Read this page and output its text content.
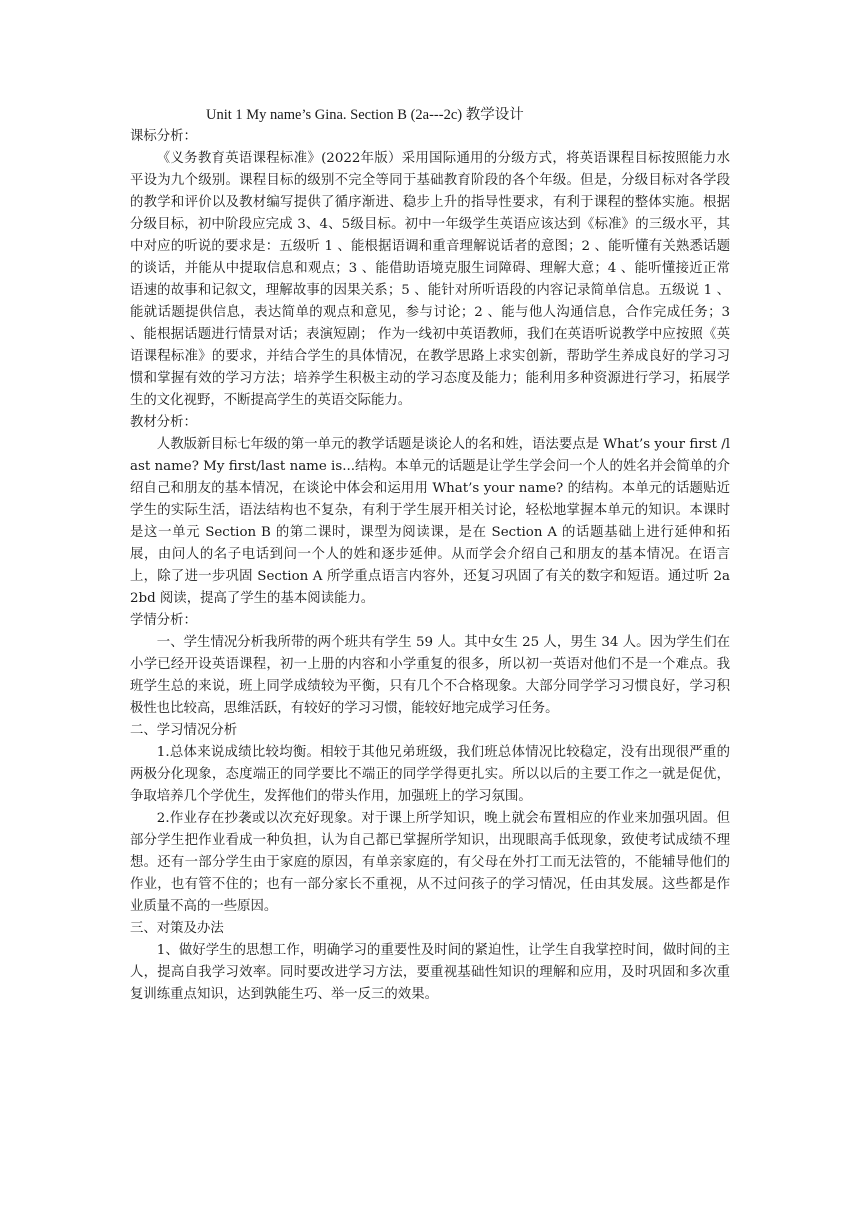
Unit 1 My name’s Gina. Section B (2a---2c) 教学设计

课标分析：

《义务教育英语课程标准》(2022年版）采用国际通用的分级方式，将英语课程目标按照能力水平设为九个级别。课程目标的级别不完全等同于基础教育阶段的各个年级。但是，分级目标对各学段的教学和评价以及教材编写提供了循序渐进、稳步上升的指导性要求，有利于课程的整体实施。根据分级目标，初中阶段应完成 3、4、5级目标。初中一年级学生英语应该达到《标准》的三级水平，其中对应的听说的要求是：五级听 1 、能根据语调和重音理解说话者的意图；2 、能听懂有关熟悉话题的谈话，并能从中提取信息和观点；3 、能借助语境克服生词障碍、理解大意；4 、能听懂接近正常语速的故事和记叙文，理解故事的因果关系；5 、能针对所听语段的内容记录简单信息。五级说 1 、能就话题提供信息，表达简单的观点和意见，参与讨论；2 、能与他人沟通信息，合作完成任务；3 、能根据话题进行情景对话；表演短剧； 作为一线初中英语教师，我们在英语听说教学中应按照《英语课程标准》的要求，并结合学生的具体情况，在教学思路上求实创新，帮助学生养成良好的学习习惯和掌握有效的学习方法；培养学生积极主动的学习态度及能力；能利用多种资源进行学习，拓展学生的文化视野，不断提高学生的英语交际能力。

教材分析：

人教版新目标七年级的第一单元的教学话题是谈论人的名和姓，语法要点是 What’s your first /last name? My first/last name is...结构。本单元的话题是让学生学会问一个人的姓名并会简单的介绍自己和朋友的基本情况，在谈论中体会和运用用 What’s your name? 的结构。本单元的话题贴近学生的实际生活，语法结构也不复杂，有利于学生展开相关讨论，轻松地掌握本单元的知识。本课时是这一单元 Section B 的第二课时，课型为阅读课，是在 Section A 的话题基础上进行延伸和拓展，由问人的名子电话到问一个人的姓和逐步延伸。从而学会介绍自己和朋友的基本情况。在语言上，除了进一步巩固 Section A 所学重点语言内容外，还复习巩固了有关的数字和短语。通过听 2a 2bd 阅读，提高了学生的基本阅读能力。

学情分析：

一、学生情况分析我所带的两个班共有学生 59 人。其中女生 25 人，男生 34 人。因为学生们在小学已经开设英语课程，初一上册的内容和小学重复的很多，所以初一英语对他们不是一个难点。我班学生总的来说，班上同学成绩较为平衡，只有几个不合格现象。大部分同学学习习惯良好，学习积极性也比较高，思维活跃，有较好的学习习惯，能较好地完成学习任务。

二、学习情况分析

1.总体来说成绩比较均衡。相较于其他兄弟班级，我们班总体情况比较稳定，没有出现很严重的两极分化现象，态度端正的同学要比不端正的同学学得更扎实。所以以后的主要工作之一就是促优，争取培养几个学优生，发挥他们的带头作用，加强班上的学习氛围。

2.作业存在抄袭或以次充好现象。对于课上所学知识，晚上就会布置相应的作业来加强巩固。但部分学生把作业看成一种负担，认为自己都已掌握所学知识，出现眼高手低现象，致使考试成绩不理想。还有一部分学生由于家庭的原因，有单亲家庭的，有父母在外打工而无法管的，不能辅导他们的作业，也有管不住的；也有一部分家长不重视，从不过问孩子的学习情况，任由其发展。这些都是作业质量不高的一些原因。

三、对策及办法

1、做好学生的思想工作，明确学习的重要性及时间的紧迫性，让学生自我掌控时间，做时间的主人，提高自我学习效率。同时要改进学习方法，要重视基础性知识的理解和应用，及时巩固和多次重复训练重点知识，达到孰能生巧、举一反三的效果。
